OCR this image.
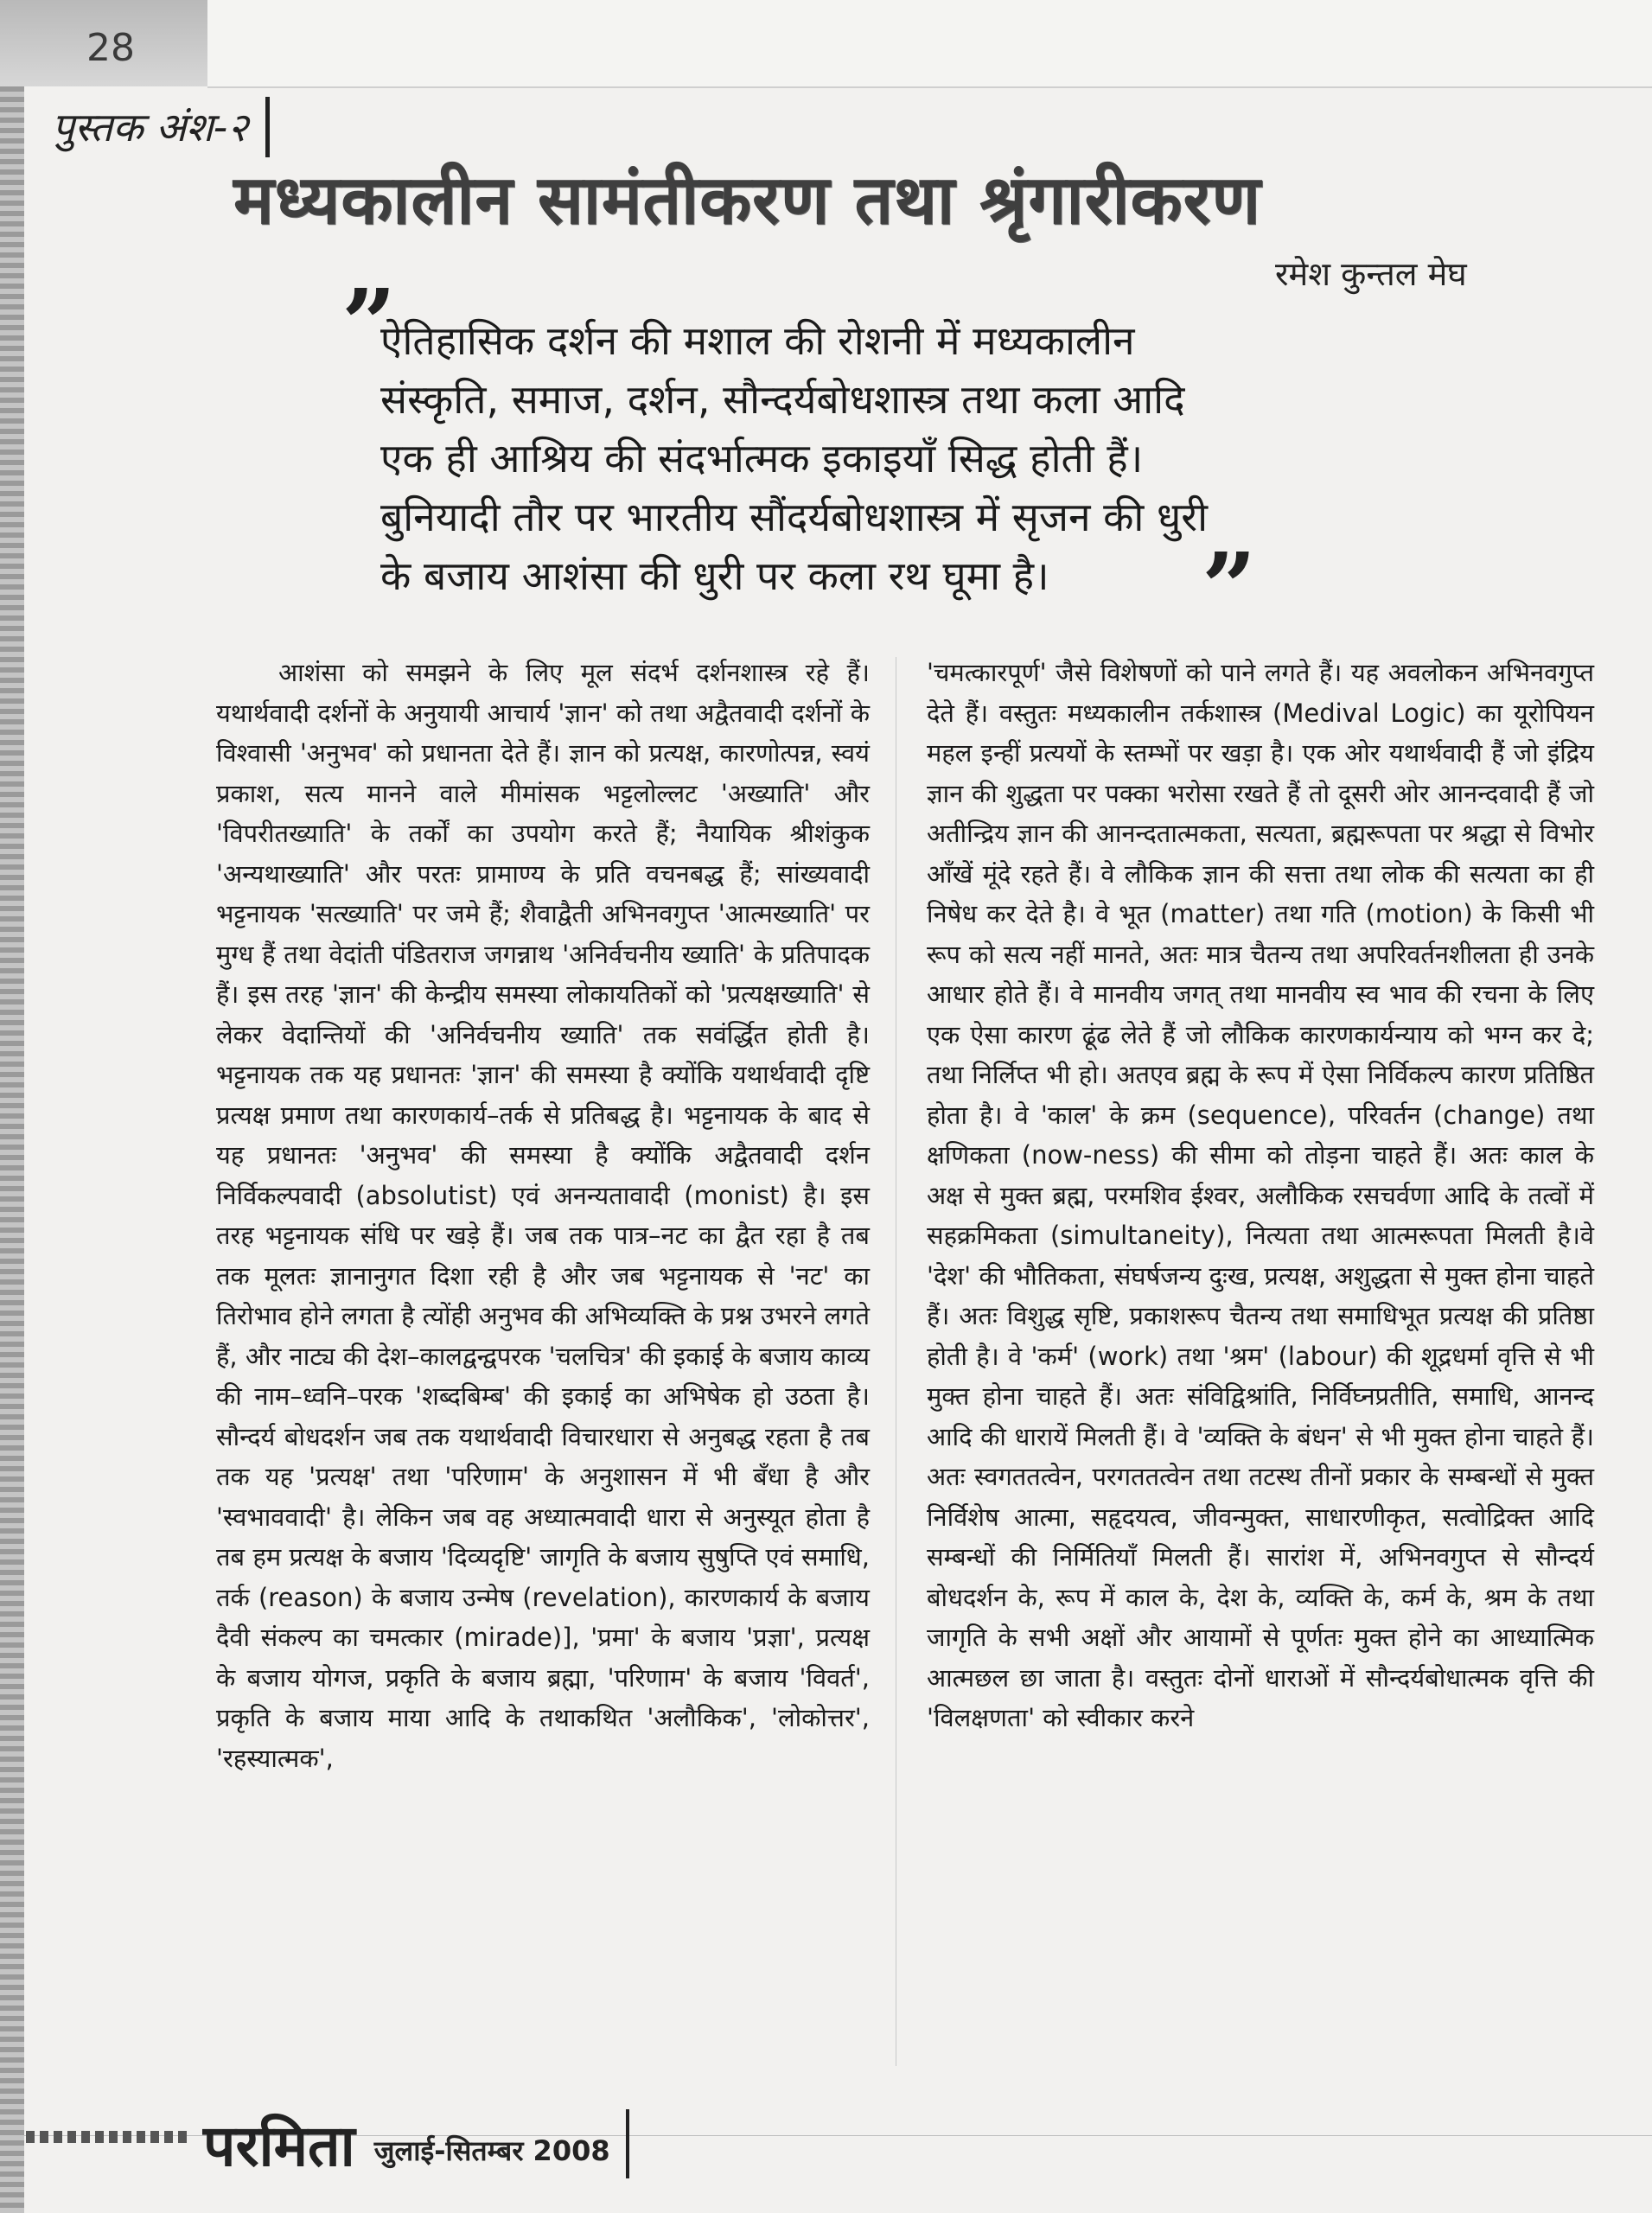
28
पुस्तक अंश-२
मध्यकालीन सामंतीकरण तथा श्रृंगारीकरण
रमेश कुन्तल मेघ
”
ऐतिहासिक दर्शन की मशाल की रोशनी में मध्यकालीन
संस्कृति, समाज, दर्शन, सौन्दर्यबोधशास्त्र तथा कला आदि
एक ही आश्रिय की संदर्भात्मक इकाइयाँ सिद्ध होती हैं।
बुनियादी तौर पर भारतीय सौंदर्यबोधशास्त्र में सृजन की धुरी
के बजाय आशंसा की धुरी पर कला रथ घूमा है।	”
आशंसा को समझने के लिए मूल संदर्भ दर्शनशास्त्र रहे हैं। यथार्थवादी दर्शनों के अनुयायी आचार्य 'ज्ञान' को तथा अद्वैतवादी दर्शनों के विश्वासी 'अनुभव' को प्रधानता देते हैं। ज्ञान को प्रत्यक्ष, कारणोत्पन्न, स्वयं प्रकाश, सत्य मानने वाले मीमांसक भट्टलोल्लट 'अख्याति' और 'विपरीतख्याति' के तर्कों का उपयोग करते हैं; नैयायिक श्रीशंकुक 'अन्यथाख्याति' और परतः प्रामाण्य के प्रति वचनबद्ध हैं; सांख्यवादी भट्टनायक 'सत्ख्याति' पर जमे हैं; शैवाद्वैती अभिनवगुप्त 'आत्मख्याति' पर मुग्ध हैं तथा वेदांती पंडितराज जगन्नाथ 'अनिर्वचनीय ख्याति' के प्रतिपादक हैं। इस तरह 'ज्ञान' की केन्द्रीय समस्या लोकायतिकों को 'प्रत्यक्षख्याति' से लेकर वेदान्तियों की 'अनिर्वचनीय ख्याति' तक सवंर्द्धित होती है। भट्टनायक तक यह प्रधानतः 'ज्ञान' की समस्या है क्योंकि यथार्थवादी दृष्टि प्रत्यक्ष प्रमाण तथा कारणकार्य–तर्क से प्रतिबद्ध है। भट्टनायक के बाद से यह प्रधानतः 'अनुभव' की समस्या है क्योंकि अद्वैतवादी दर्शन निर्विकल्पवादी (absolutist) एवं अनन्यतावादी (monist) है। इस तरह भट्टनायक संधि पर खड़े हैं। जब तक पात्र–नट का द्वैत रहा है तब तक मूलतः ज्ञानानुगत दिशा रही है और जब भट्टनायक से 'नट' का तिरोभाव होने लगता है त्योंही अनुभव की अभिव्यक्ति के प्रश्न उभरने लगते हैं, और नाट्य की देश–कालद्वन्द्वपरक 'चलचित्र' की इकाई के बजाय काव्य की नाम–ध्वनि–परक 'शब्दबिम्ब' की इकाई का अभिषेक हो उठता है। सौन्दर्य बोधदर्शन जब तक यथार्थवादी विचारधारा से अनुबद्ध रहता है तब तक यह 'प्रत्यक्ष' तथा 'परिणाम' के अनुशासन में भी बँधा है और 'स्वभाववादी' है। लेकिन जब वह अध्यात्मवादी धारा से अनुस्यूत होता है तब हम प्रत्यक्ष के बजाय 'दिव्यदृष्टि' जागृति के बजाय सुषुप्ति एवं समाधि, तर्क (reason) के बजाय उन्मेष (revelation), कारणकार्य के बजाय दैवी संकल्प का चमत्कार (mirade)], 'प्रमा' के बजाय 'प्रज्ञा', प्रत्यक्ष के बजाय योगज, प्रकृति के बजाय ब्रह्मा, 'परिणाम' के बजाय 'विवर्त', प्रकृति के बजाय माया आदि के तथाकथित 'अलौकिक', 'लोकोत्तर', 'रहस्यात्मक',
'चमत्कारपूर्ण' जैसे विशेषणों को पाने लगते हैं। यह अवलोकन अभिनवगुप्त देते हैं। वस्तुतः मध्यकालीन तर्कशास्त्र (Medival Logic) का यूरोपियन महल इन्हीं प्रत्ययों के स्तम्भों पर खड़ा है। एक ओर यथार्थवादी हैं जो इंद्रिय ज्ञान की शुद्धता पर पक्का भरोसा रखते हैं तो दूसरी ओर आनन्दवादी हैं जो अतीन्द्रिय ज्ञान की आनन्दतात्मकता, सत्यता, ब्रह्मरूपता पर श्रद्धा से विभोर आँखें मूंदे रहते हैं। वे लौकिक ज्ञान की सत्ता तथा लोक की सत्यता का ही निषेध कर देते है। वे भूत (matter) तथा गति (motion) के किसी भी रूप को सत्य नहीं मानते, अतः मात्र चैतन्य तथा अपरिवर्तनशीलता ही उनके आधार होते हैं। वे मानवीय जगत् तथा मानवीय स्व भाव की रचना के लिए एक ऐसा कारण ढूंढ लेते हैं जो लौकिक कारणकार्यन्याय को भग्न कर दे; तथा निर्लिप्त भी हो। अतएव ब्रह्म के रूप में ऐसा निर्विकल्प कारण प्रतिष्ठित होता है। वे 'काल' के क्रम (sequence), परिवर्तन (change) तथा क्षणिकता (now-ness) की सीमा को तोड़ना चाहते हैं। अतः काल के अक्ष से मुक्त ब्रह्म, परमशिव ईश्वर, अलौकिक रसचर्वणा आदि के तत्वों में सहक्रमिकता (simultaneity), नित्यता तथा आत्मरूपता मिलती है।वे 'देश' की भौतिकता, संघर्षजन्य दुःख, प्रत्यक्ष, अशुद्धता से मुक्त होना चाहते हैं। अतः विशुद्ध सृष्टि, प्रकाशरूप चैतन्य तथा समाधिभूत प्रत्यक्ष की प्रतिष्ठा होती है। वे 'कर्म' (work) तथा 'श्रम' (labour) की शूद्रधर्मा वृत्ति से भी मुक्त होना चाहते हैं। अतः संविद्विश्रांति, निर्विघ्नप्रतीति, समाधि, आनन्द आदि की धारायें मिलती हैं। वे 'व्यक्ति के बंधन' से भी मुक्त होना चाहते हैं। अतः स्वगततत्वेन, परगततत्वेन तथा तटस्थ तीनों प्रकार के सम्बन्धों से मुक्त निर्विशेष आत्मा, सहृदयत्व, जीवन्मुक्त, साधारणीकृत, सत्वोद्रिक्त आदि सम्बन्धों की निर्मितियाँ मिलती हैं। सारांश में, अभिनवगुप्त से सौन्दर्य बोधदर्शन के, रूप में काल के, देश के, व्यक्ति के, कर्म के, श्रम के तथा जागृति के सभी अक्षों और आयामों से पूर्णतः मुक्त होने का आध्यात्मिक आत्मछल छा जाता है। वस्तुतः दोनों धाराओं में सौन्दर्यबोधात्मक वृत्ति की 'विलक्षणता' को स्वीकार करने
परमिता जुलाई-सितम्बर 2008
